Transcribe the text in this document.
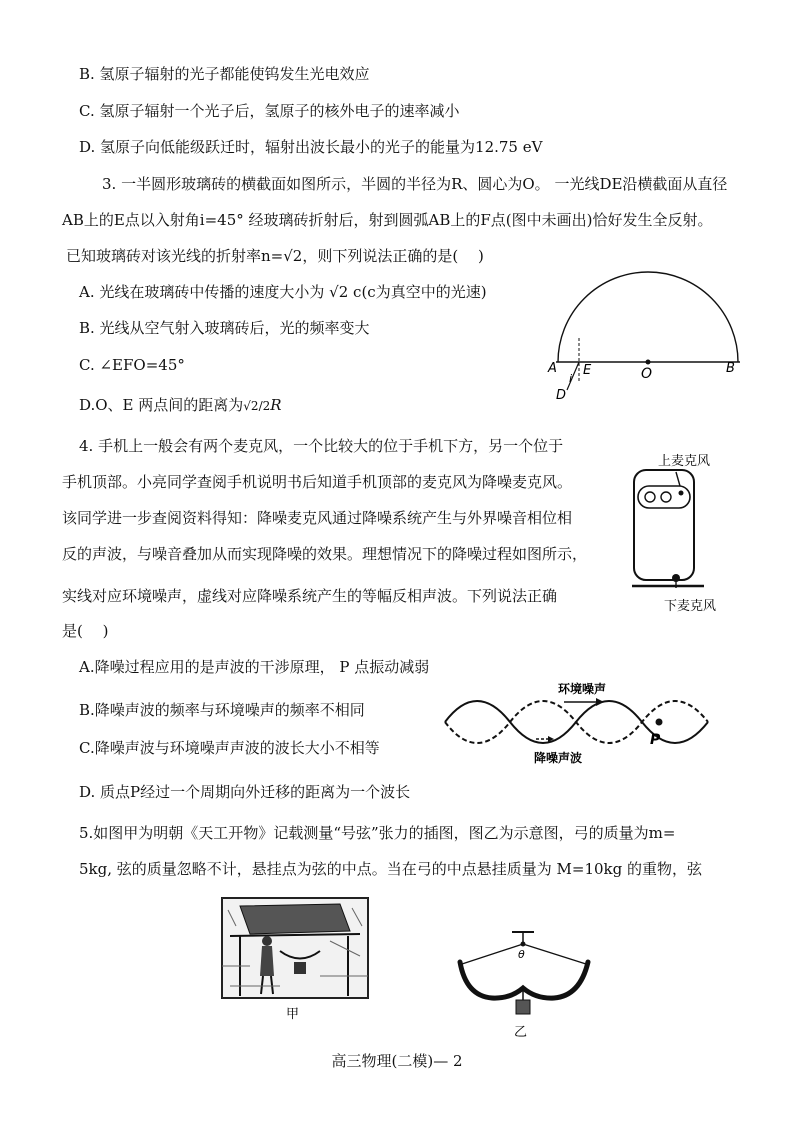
B. 氢原子辐射的光子都能使钨发生光电效应
C. 氢原子辐射一个光子后，氢原子的核外电子的速率减小
D. 氢原子向低能级跃迁时，辐射出波长最小的光子的能量为12.75 eV
3. 一半圆形玻璃砖的横截面如图所示，半圆的半径为R、圆心为O。 一光线DE沿横截面从直径
AB上的E点以入射角i=45° 经玻璃砖折射后，射到圆弧AB上的F点(图中未画出)恰好发生全反射。
已知玻璃砖对该光线的折射率n=√2，则下列说法正确的是(　 )
A. 光线在玻璃砖中传播的速度大小为 √2 c(c为真空中的光速)
B. 光线从空气射入玻璃砖后，光的频率变大
C. ∠EFO=45°
D.O、E 两点间的距离为√2/2R
A E	O	B
i
D
4. 手机上一般会有两个麦克风，一个比较大的位于手机下方，另一个位于
手机顶部。小亮同学查阅手机说明书后知道手机顶部的麦克风为降噪麦克风。
该同学进一步查阅资料得知：降噪麦克风通过降噪系统产生与外界噪音相位相
反的声波，与噪音叠加从而实现降噪的效果。理想情况下的降噪过程如图所示，
实线对应环境噪声，虚线对应降噪系统产生的等幅反相声波。下列说法正确
是(　 )
上麦克风
下麦克风
A.降噪过程应用的是声波的干涉原理， P 点振动减弱
B.降噪声波的频率与环境噪声的频率不相同
C.降噪声波与环境噪声声波的波长大小不相等
D. 质点P经过一个周期向外迁移的距离为一个波长
环境噪声
降噪声波
P
5.如图甲为明朝《天工开物》记载测量“号弦”张力的插图，图乙为示意图，弓的质量为m=
5kg, 弦的质量忽略不计，悬挂点为弦的中点。当在弓的中点悬挂质量为 M=10kg 的重物，弦
甲
θ
乙
高三物理(二模)— 2
